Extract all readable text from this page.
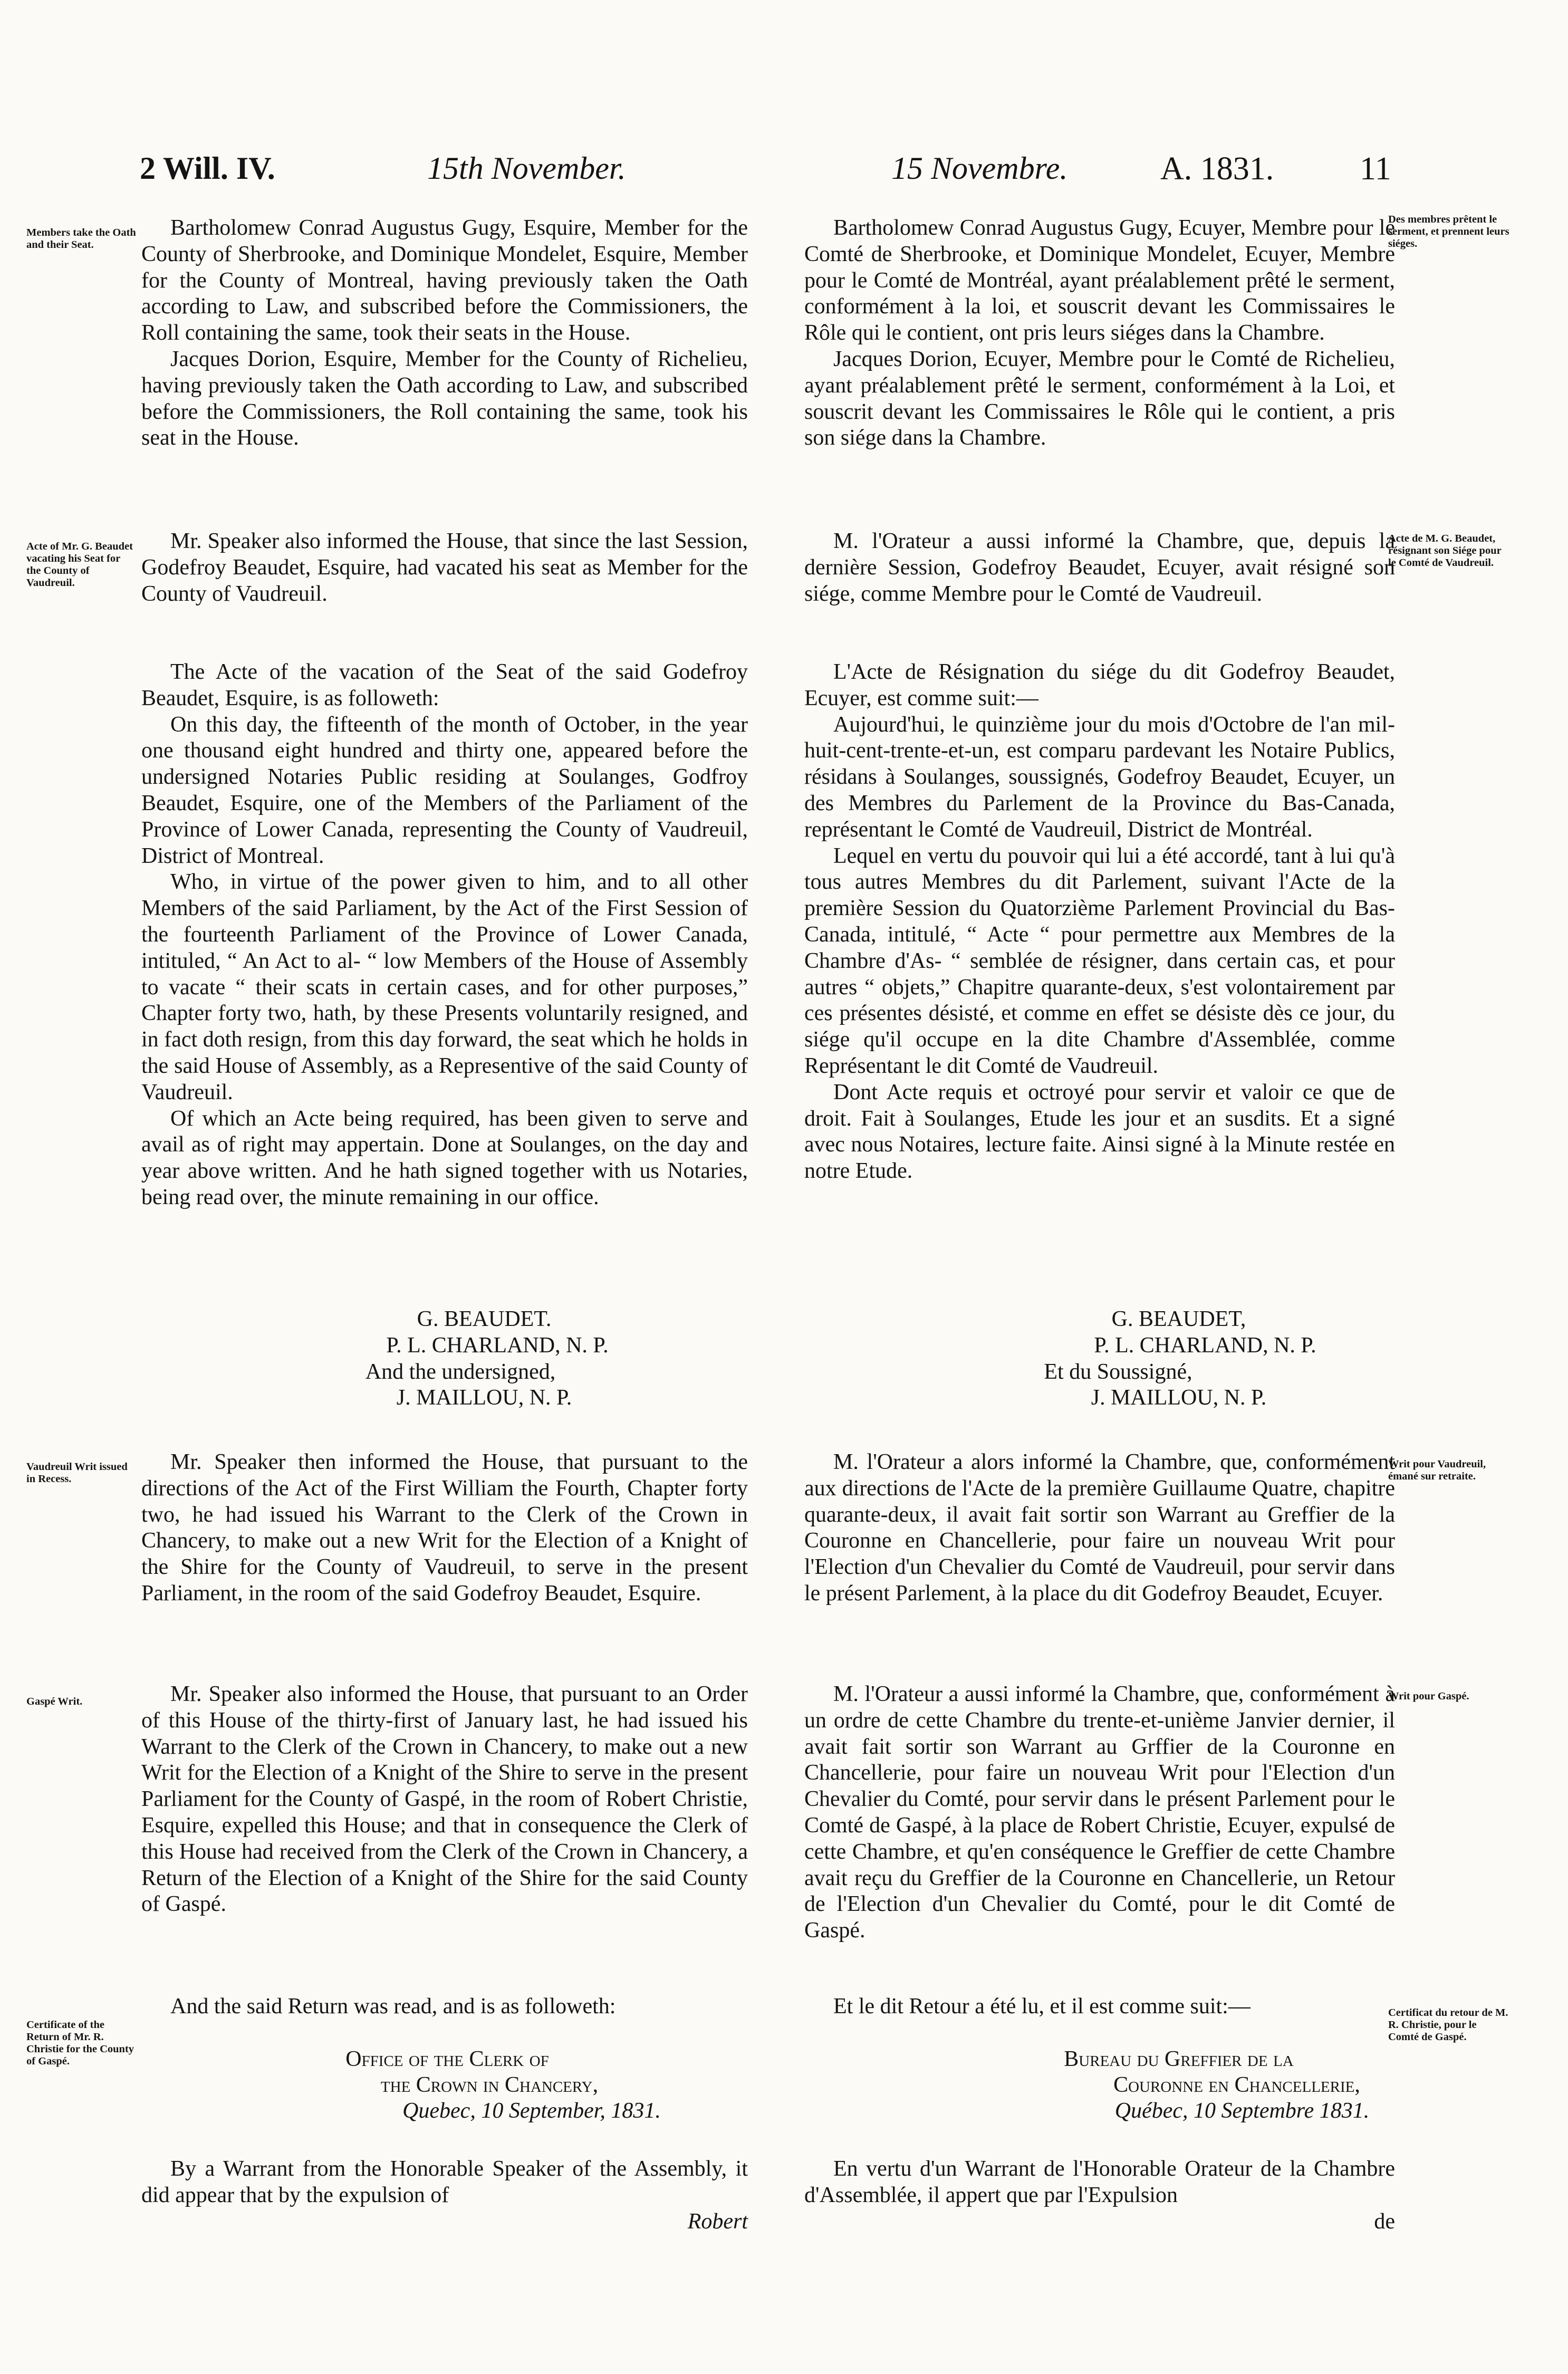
2 Will. IV.	15th November.	15 Novembre.	A. 1831.	11
Members take the Oath and their Seat.
Acte of Mr. G. Beaudet vacating his Seat for the County of Vaudreuil.
Vaudreuil Writ issued in Recess.
Gaspé Writ.
Certificate of the Return of Mr. R. Christie for the County of Gaspé.
Des membres prêtent le serment, et prennent leurs siéges.
Acte de M. G. Beaudet, résignant son Siége pour le Comté de Vaudreuil.
Writ pour Vaudreuil, émané sur retraite.
Writ pour Gaspé.
Certificat du retour de M. R. Christie, pour le Comté de Gaspé.

Bartholomew Conrad Augustus Gugy, Esquire, Member for the County of Sherbrooke, and Dominique Mondelet, Esquire, Member for the County of Montreal, having previously taken the Oath according to Law, and subscribed before the Commissioners, the Roll containing the same, took their seats in the House.

Jacques Dorion, Esquire, Member for the County of Richelieu, having previously taken the Oath according to Law, and subscribed before the Commissioners, the Roll containing the same, took his seat in the House.

Mr. Speaker also informed the House, that since the last Session, Godefroy Beaudet, Esquire, had vacated his seat as Member for the County of Vaudreuil.

The Acte of the vacation of the Seat of the said Godefroy Beaudet, Esquire, is as followeth:

On this day, the fifteenth of the month of October, in the year one thousand eight hundred and thirty one, appeared before the undersigned Notaries Public residing at Soulanges, Godfroy Beaudet, Esquire, one of the Members of the Parliament of the Province of Lower Canada, representing the County of Vaudreuil, District of Montreal.

Who, in virtue of the power given to him, and to all other Members of the said Parliament, by the Act of the First Session of the fourteenth Parliament of the Province of Lower Canada, intituled, “ An Act to al- “ low Members of the House of Assembly to vacate “ their scats in certain cases, and for other purposes,” Chapter forty two, hath, by these Presents voluntarily resigned, and in fact doth resign, from this day forward, the seat which he holds in the said House of Assembly, as a Representive of the said County of Vaudreuil.

Of which an Acte being required, has been given to serve and avail as of right may appertain. Done at Soulanges, on the day and year above written. And he hath signed together with us Notaries, being read over, the minute remaining in our office.

G. BEAUDET.
P. L. CHARLAND, N. P.
And the undersigned,
J. MAILLOU, N. P.

Mr. Speaker then informed the House, that pursuant to the directions of the Act of the First William the Fourth, Chapter forty two, he had issued his Warrant to the Clerk of the Crown in Chancery, to make out a new Writ for the Election of a Knight of the Shire for the County of Vaudreuil, to serve in the present Parliament, in the room of the said Godefroy Beaudet, Esquire.

Mr. Speaker also informed the House, that pursuant to an Order of this House of the thirty-first of January last, he had issued his Warrant to the Clerk of the Crown in Chancery, to make out a new Writ for the Election of a Knight of the Shire to serve in the present Parliament for the County of Gaspé, in the room of Robert Christie, Esquire, expelled this House; and that in consequence the Clerk of this House had received from the Clerk of the Crown in Chancery, a Return of the Election of a Knight of the Shire for the said County of Gaspé.

And the said Return was read, and is as followeth:

Office of the Clerk of
the Crown in Chancery,
Quebec, 10 September, 1831.

By a Warrant from the Honorable Speaker of the Assembly, it did appear that by the expulsion of

Robert

Bartholomew Conrad Augustus Gugy, Ecuyer, Membre pour le Comté de Sherbrooke, et Dominique Mondelet, Ecuyer, Membre pour le Comté de Montréal, ayant préalablement prêté le serment, conformément à la loi, et souscrit devant les Commissaires le Rôle qui le contient, ont pris leurs siéges dans la Chambre.

Jacques Dorion, Ecuyer, Membre pour le Comté de Richelieu, ayant préalablement prêté le serment, conformément à la Loi, et souscrit devant les Commissaires le Rôle qui le contient, a pris son siége dans la Chambre.

M. l'Orateur a aussi informé la Chambre, que, depuis la dernière Session, Godefroy Beaudet, Ecuyer, avait résigné son siége, comme Membre pour le Comté de Vaudreuil.

L'Acte de Résignation du siége du dit Godefroy Beaudet, Ecuyer, est comme suit:—

Aujourd'hui, le quinzième jour du mois d'Octobre de l'an mil-huit-cent-trente-et-un, est comparu pardevant les Notaire Publics, résidans à Soulanges, soussignés, Godefroy Beaudet, Ecuyer, un des Membres du Parlement de la Province du Bas-Canada, représentant le Comté de Vaudreuil, District de Montréal.

Lequel en vertu du pouvoir qui lui a été accordé, tant à lui qu'à tous autres Membres du dit Parlement, suivant l'Acte de la première Session du Quatorzième Parlement Provincial du Bas-Canada, intitulé, “ Acte “ pour permettre aux Membres de la Chambre d'As- “ semblée de résigner, dans certain cas, et pour autres “ objets,” Chapitre quarante-deux, s'est volontairement par ces présentes désisté, et comme en effet se désiste dès ce jour, du siége qu'il occupe en la dite Chambre d'Assemblée, comme Représentant le dit Comté de Vaudreuil.

Dont Acte requis et octroyé pour servir et valoir ce que de droit. Fait à Soulanges, Etude les jour et an susdits. Et a signé avec nous Notaires, lecture faite. Ainsi signé à la Minute restée en notre Etude.

G. BEAUDET,
P. L. CHARLAND, N. P.
Et du Soussigné,
J. MAILLOU, N. P.

M. l'Orateur a alors informé la Chambre, que, conformément aux directions de l'Acte de la première Guillaume Quatre, chapitre quarante-deux, il avait fait sortir son Warrant au Greffier de la Couronne en Chancellerie, pour faire un nouveau Writ pour l'Election d'un Chevalier du Comté de Vaudreuil, pour servir dans le présent Parlement, à la place du dit Godefroy Beaudet, Ecuyer.

M. l'Orateur a aussi informé la Chambre, que, conformément à un ordre de cette Chambre du trente-et-unième Janvier dernier, il avait fait sortir son Warrant au Grffier de la Couronne en Chancellerie, pour faire un nouveau Writ pour l'Election d'un Chevalier du Comté, pour servir dans le présent Parlement pour le Comté de Gaspé, à la place de Robert Christie, Ecuyer, expulsé de cette Chambre, et qu'en conséquence le Greffier de cette Chambre avait reçu du Greffier de la Couronne en Chancellerie, un Retour de l'Election d'un Chevalier du Comté, pour le dit Comté de Gaspé.

Et le dit Retour a été lu, et il est comme suit:—

Bureau du Greffier de la
Couronne en Chancellerie,
Québec, 10 Septembre 1831.

En vertu d'un Warrant de l'Honorable Orateur de la Chambre d'Assemblée, il appert que par l'Expulsion

de
